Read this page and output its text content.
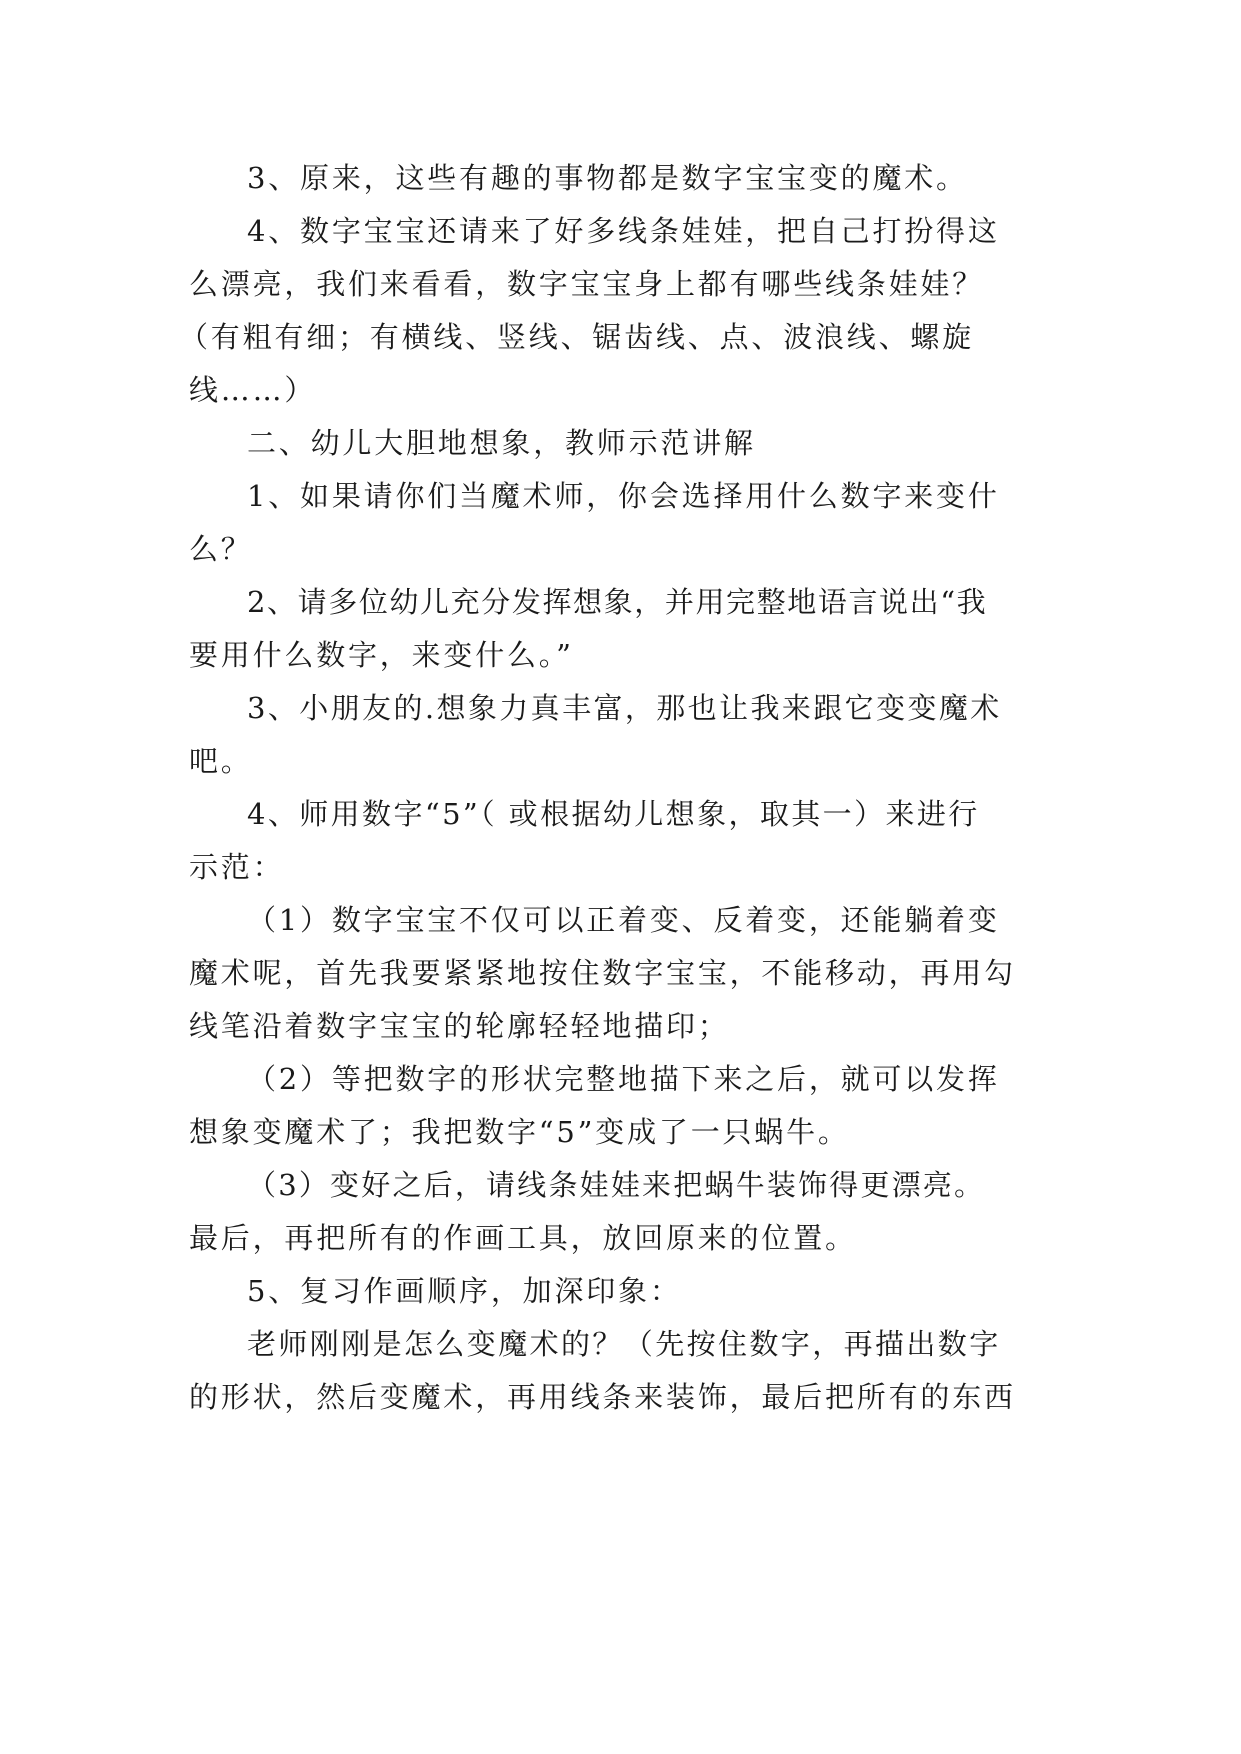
3、原来，这些有趣的事物都是数字宝宝变的魔术。
4、数字宝宝还请来了好多线条娃娃，把自己打扮得这
么漂亮，我们来看看，数字宝宝身上都有哪些线条娃娃？
（有粗有细；有横线、竖线、锯齿线、点、波浪线、螺旋
线……）
二、幼儿大胆地想象，教师示范讲解
1、如果请你们当魔术师，你会选择用什么数字来变什
么？
2、请多位幼儿充分发挥想象，并用完整地语言说出“我
要用什么数字，来变什么。”
3、小朋友的.想象力真丰富，那也让我来跟它变变魔术
吧。
4、师用数字“5”（ 或根据幼儿想象，取其一）来进行
示范：
（1）数字宝宝不仅可以正着变、反着变，还能躺着变
魔术呢，首先我要紧紧地按住数字宝宝，不能移动，再用勾
线笔沿着数字宝宝的轮廓轻轻地描印；
（2）等把数字的形状完整地描下来之后，就可以发挥
想象变魔术了；我把数字“5”变成了一只蜗牛。
（3）变好之后，请线条娃娃来把蜗牛装饰得更漂亮。
最后，再把所有的作画工具，放回原来的位置。
5、复习作画顺序，加深印象：
老师刚刚是怎么变魔术的？（先按住数字，再描出数字
的形状，然后变魔术，再用线条来装饰，最后把所有的东西
